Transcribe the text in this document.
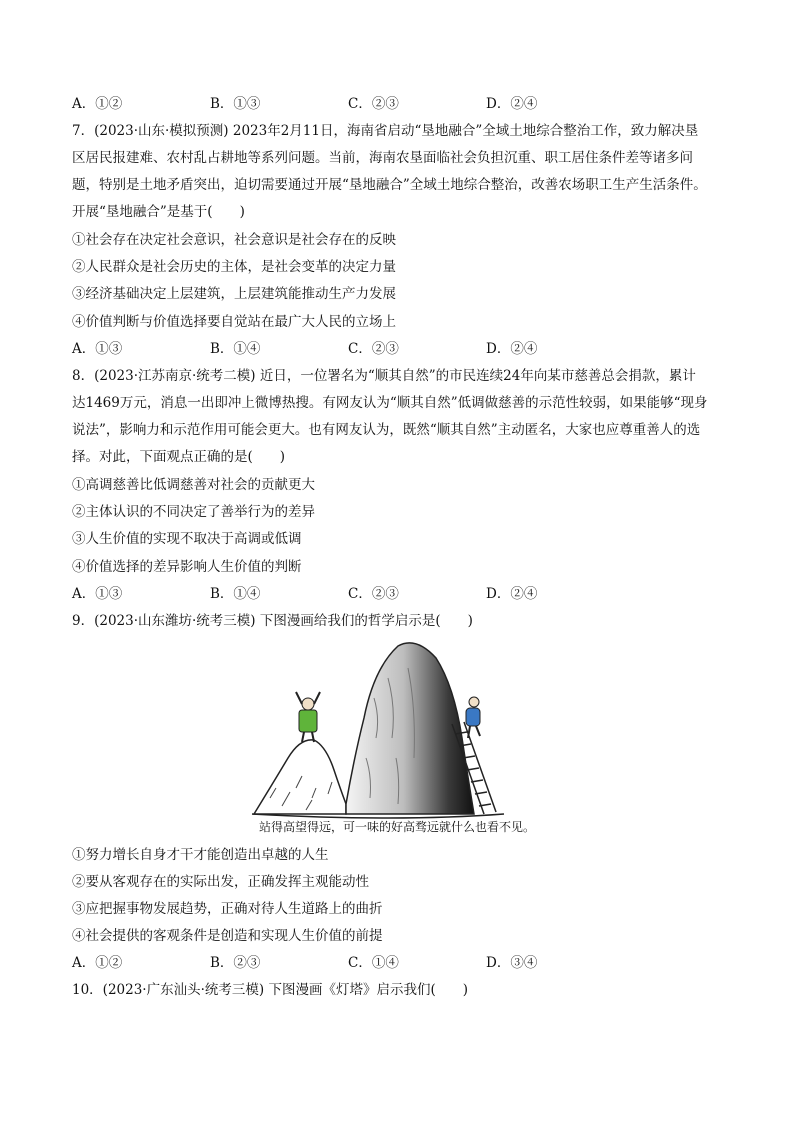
A．①②	B．①③	C．②③	D．②④
7．(2023·山东·模拟预测) 2023年2月11日，海南省启动“垦地融合”全域土地综合整治工作，致力解决垦
区居民报建难、农村乱占耕地等系列问题。当前，海南农垦面临社会负担沉重、职工居住条件差等诸多问
题，特别是土地矛盾突出，迫切需要通过开展“垦地融合”全域土地综合整治，改善农场职工生产生活条件。
开展“垦地融合”是基于(　　)
①社会存在决定社会意识，社会意识是社会存在的反映
②人民群众是社会历史的主体，是社会变革的决定力量
③经济基础决定上层建筑，上层建筑能推动生产力发展
④价值判断与价值选择要自觉站在最广大人民的立场上
A．①③	B．①④	C．②③	D．②④
8．(2023·江苏南京·统考二模) 近日，一位署名为“顺其自然”的市民连续24年向某市慈善总会捐款，累计
达1469万元，消息一出即冲上微博热搜。有网友认为“顺其自然”低调做慈善的示范性较弱，如果能够“现身
说法”，影响力和示范作用可能会更大。也有网友认为，既然“顺其自然”主动匿名，大家也应尊重善人的选
择。对此，下面观点正确的是(　　)
①高调慈善比低调慈善对社会的贡献更大
②主体认识的不同决定了善举行为的差异
③人生价值的实现不取决于高调或低调
④价值选择的差异影响人生价值的判断
A．①③	B．①④	C．②③	D．②④
9．(2023·山东潍坊·统考三模) 下图漫画给我们的哲学启示是(　　)
站得高望得远，可一味的好高骛远就什么也看不见。
①努力增长自身才干才能创造出卓越的人生
②要从客观存在的实际出发，正确发挥主观能动性
③应把握事物发展趋势，正确对待人生道路上的曲折
④社会提供的客观条件是创造和实现人生价值的前提
A．①②	B．②③	C．①④	D．③④
10．(2023·广东汕头·统考三模) 下图漫画《灯塔》启示我们(　　)
